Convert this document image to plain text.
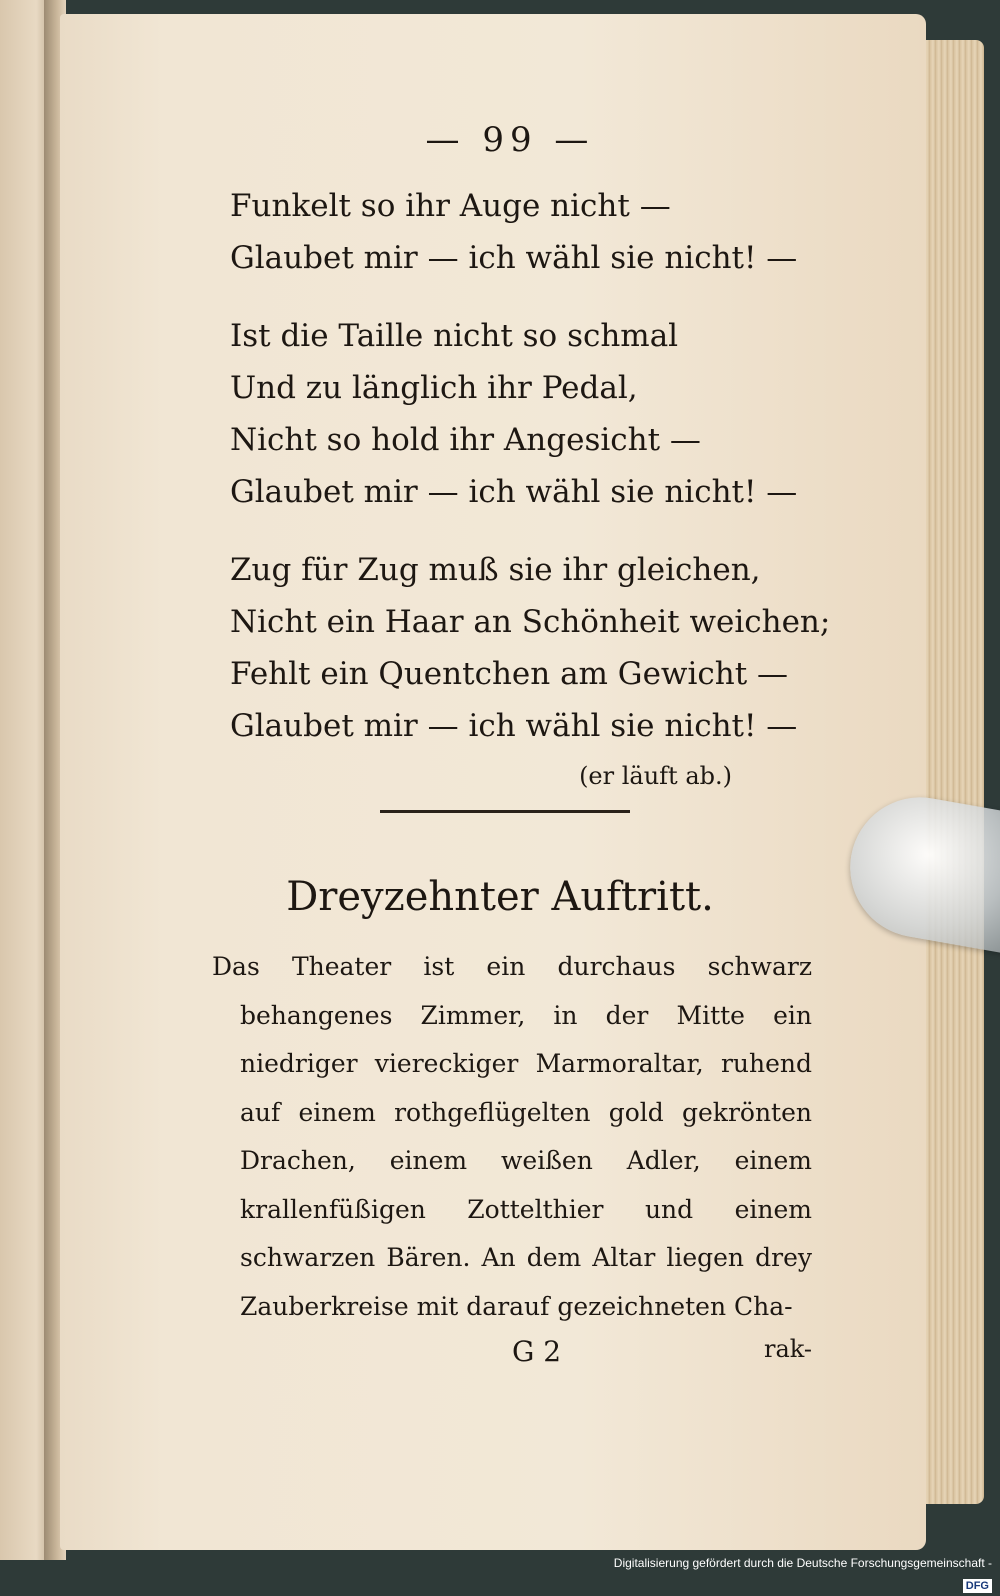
— 99 —
Funkelt so ihr Auge nicht —
Glaubet mir — ich wähl sie nicht! —
Ist die Taille nicht so schmal
Und zu länglich ihr Pedal,
Nicht so hold ihr Angesicht —
Glaubet mir — ich wähl sie nicht! —
Zug für Zug muß sie ihr gleichen,
Nicht ein Haar an Schönheit weichen;
Fehlt ein Quentchen am Gewicht —
Glaubet mir — ich wähl sie nicht! —
(er läuft ab.)
Dreyzehnter Auftritt.
Das Theater ist ein durchaus schwarz behangenes Zimmer, in der Mitte ein niedriger viereckiger Marmoraltar, ruhend auf einem rothgeflügelten gold gekrönten Drachen, einem weißen Adler, einem krallenfüßigen Zottelthier und einem schwarzen Bären. An dem Altar liegen drey Zauberkreise mit darauf gezeichneten Cha-
G 2	rak-
Digitalisierung gefördert durch die Deutsche Forschungsgemeinschaft -DFG
